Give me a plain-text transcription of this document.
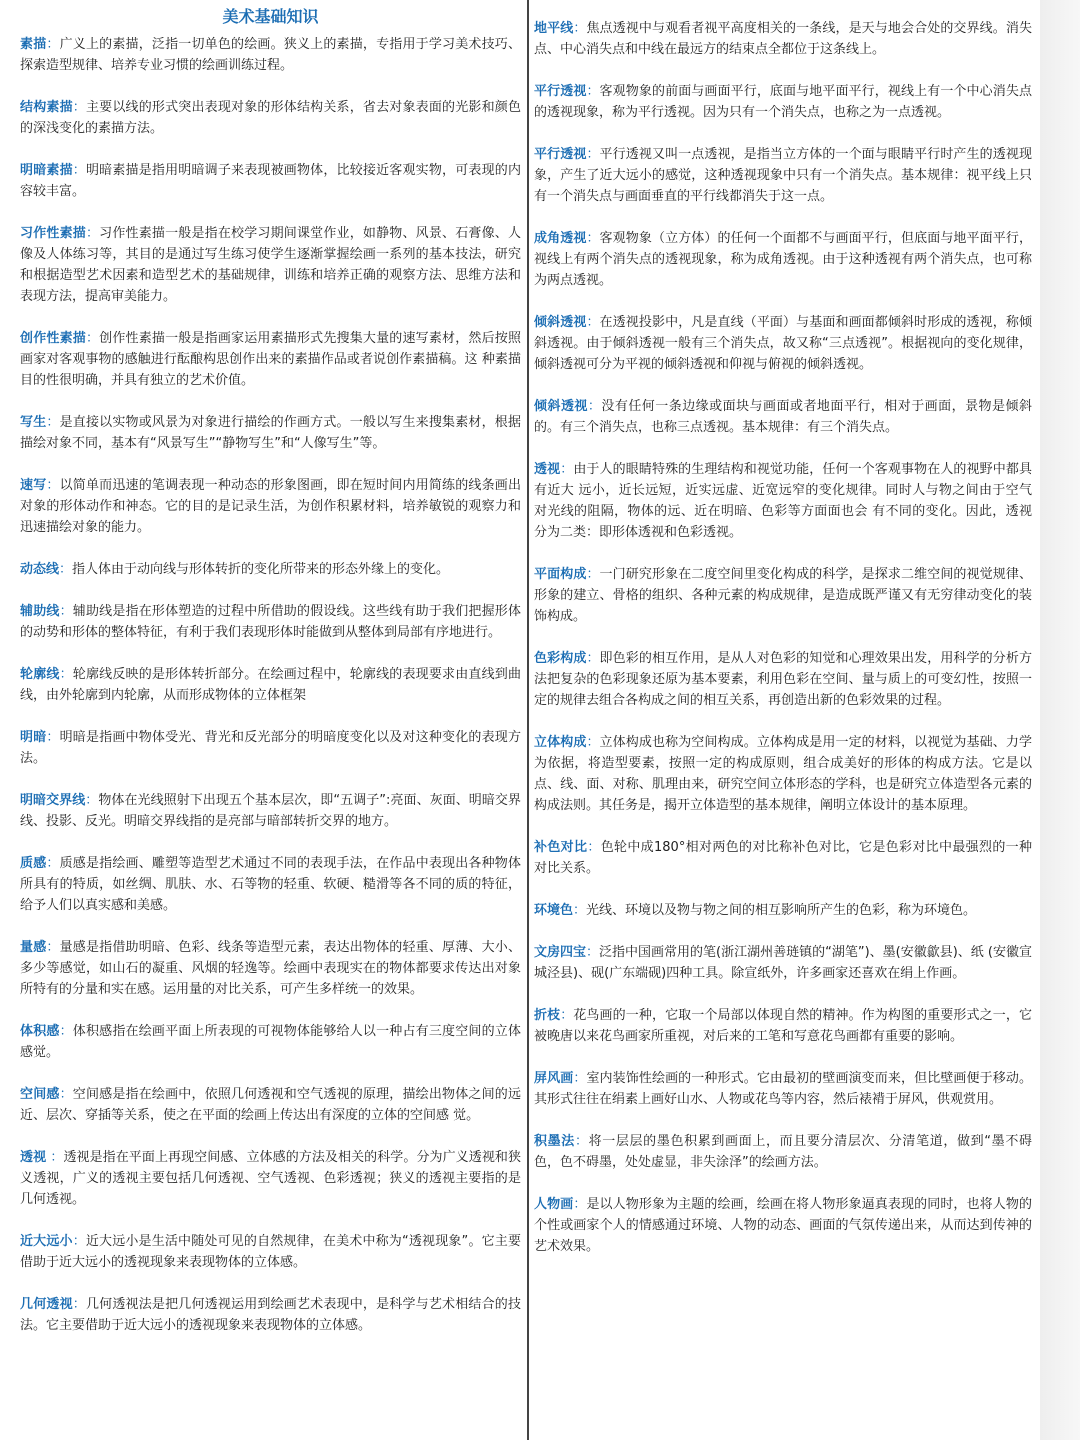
美术基础知识

素描：广义上的素描，泛指一切单色的绘画。狭义上的素描，专指用于学习美术技巧、探索造型规律、培养专业习惯的绘画训练过程。

结构素描：主要以线的形式突出表现对象的形体结构关系，省去对象表面的光影和颜色的深浅变化的素描方法。

明暗素描：明暗素描是指用明暗调子来表现被画物体，比较接近客观实物，可表现的内容较丰富。

习作性素描：习作性素描一般是指在校学习期间课堂作业，如静物、风景、石膏像、人像及人体练习等，其目的是通过写生练习使学生逐渐掌握绘画一系列的基本技法，研究和根据造型艺术因素和造型艺术的基础规律，训练和培养正确的观察方法、思维方法和表现方法，提高审美能力。

创作性素描：创作性素描一般是指画家运用素描形式先搜集大量的速写素材，然后按照画家对客观事物的感触进行酝酿构思创作出来的素描作品或者说创作素描稿。这 种素描目的性很明确，并具有独立的艺术价值。

写生：是直接以实物或风景为对象进行描绘的作画方式。一般以写生来搜集素材，根据描绘对象不同，基本有“风景写生”“静物写生”和“人像写生”等。

速写：以简单而迅速的笔调表现一种动态的形象图画，即在短时间内用简练的线条画出对象的形体动作和神态。它的目的是记录生活，为创作积累材料，培养敏锐的观察力和迅速描绘对象的能力。

动态线：指人体由于动向线与形体转折的变化所带来的形态外缘上的变化。

辅助线：辅助线是指在形体塑造的过程中所借助的假设线。这些线有助于我们把握形体的动势和形体的整体特征，有利于我们表现形体时能做到从整体到局部有序地进行。

轮廓线：轮廓线反映的是形体转折部分。在绘画过程中，轮廓线的表现要求由直线到曲线，由外轮廓到内轮廓，从而形成物体的立体框架

明暗：明暗是指画中物体受光、背光和反光部分的明暗度变化以及对这种变化的表现方法。

明暗交界线：物体在光线照射下出现五个基本层次，即“五调子”:亮面、灰面、明暗交界线、投影、反光。明暗交界线指的是亮部与暗部转折交界的地方。

质感：质感是指绘画、雕塑等造型艺术通过不同的表现手法，在作品中表现出各种物体所具有的特质，如丝绸、肌肤、水、石等物的轻重、软硬、糙滑等各不同的质的特征，给予人们以真实感和美感。

量感：量感是指借助明暗、色彩、线条等造型元素，表达出物体的轻重、厚薄、大小、多少等感觉，如山石的凝重、风烟的轻逸等。绘画中表现实在的物体都要求传达出对象所特有的分量和实在感。运用量的对比关系，可产生多样统一的效果。

体积感：体积感指在绘画平面上所表现的可视物体能够给人以一种占有三度空间的立体感觉。

空间感：空间感是指在绘画中，依照几何透视和空气透视的原理，描绘出物体之间的远近、层次、穿插等关系，使之在平面的绘画上传达出有深度的立体的空间感 觉。

透视 ：透视是指在平面上再现空间感、立体感的方法及相关的科学。分为广义透视和狭义透视，广义的透视主要包括几何透视、空气透视、色彩透视；狭义的透视主要指的是几何透视。

近大远小：近大远小是生活中随处可见的自然规律，在美术中称为“透视现象”。它主要借助于近大远小的透视现象来表现物体的立体感。

几何透视：几何透视法是把几何透视运用到绘画艺术表现中，是科学与艺术相结合的技法。它主要借助于近大远小的透视现象来表现物体的立体感。

地平线：焦点透视中与观看者视平高度相关的一条线，是天与地会合处的交界线。消失点、中心消失点和中线在最远方的结束点全都位于这条线上。

平行透视：客观物象的前面与画面平行，底面与地平面平行，视线上有一个中心消失点的透视现象，称为平行透视。因为只有一个消失点，也称之为一点透视。

平行透视：平行透视又叫一点透视，是指当立方体的一个面与眼睛平行时产生的透视现象，产生了近大远小的感觉，这种透视现象中只有一个消失点。基本规律：视平线上只有一个消失点与画面垂直的平行线都消失于这一点。

成角透视：客观物象（立方体）的任何一个面都不与画面平行，但底面与地平面平行，视线上有两个消失点的透视现象，称为成角透视。由于这种透视有两个消失点，也可称为两点透视。

倾斜透视：在透视投影中，凡是直线（平面）与基面和画面都倾斜时形成的透视，称倾斜透视。由于倾斜透视一般有三个消失点，故又称“三点透视”。根据视向的变化规律，倾斜透视可分为平视的倾斜透视和仰视与俯视的倾斜透视。

倾斜透视：没有任何一条边缘或面块与画面或者地面平行，相对于画面，景物是倾斜的。有三个消失点，也称三点透视。基本规律：有三个消失点。

透视：由于人的眼睛特殊的生理结构和视觉功能，任何一个客观事物在人的视野中都具有近大 远小，近长远短，近实远虚、近宽远窄的变化规律。同时人与物之间由于空气对光线的阻隔，物体的远、近在明暗、色彩等方面面也会 有不同的变化。因此，透视分为二类：即形体透视和色彩透视。

平面构成：一门研究形象在二度空间里变化构成的科学，是探求二维空间的视觉规律、形象的建立、骨格的组织、各种元素的构成规律，是造成既严谨又有无穷律动变化的装饰构成。

色彩构成：即色彩的相互作用，是从人对色彩的知觉和心理效果出发，用科学的分析方法把复杂的色彩现象还原为基本要素，利用色彩在空间、量与质上的可变幻性，按照一定的规律去组合各构成之间的相互关系，再创造出新的色彩效果的过程。

立体构成：立体构成也称为空间构成。立体构成是用一定的材料，以视觉为基础、力学为依据，将造型要素，按照一定的构成原则，组合成美好的形体的构成方法。它是以点、线、面、对称、肌理由来，研究空间立体形态的学科，也是研究立体造型各元素的构成法则。其任务是，揭开立体造型的基本规律，阐明立体设计的基本原理。

补色对比：色轮中成180°相对两色的对比称补色对比，它是色彩对比中最强烈的一种对比关系。

环境色：光线、环境以及物与物之间的相互影响所产生的色彩，称为环境色。

文房四宝：泛指中国画常用的笔(浙江湖州善琏镇的“湖笔”)、墨(安徽歙县)、纸 (安徽宣城泾县)、砚(广东端砚)四种工具。除宣纸外，许多画家还喜欢在绢上作画。

折枝：花鸟画的一种，它取一个局部以体现自然的精神。作为构图的重要形式之一，它被晚唐以来花鸟画家所重视，对后来的工笔和写意花鸟画都有重要的影响。

屏风画：室内装饰性绘画的一种形式。它由最初的壁画演变而来，但比壁画便于移动。其形式往往在绢素上画好山水、人物或花鸟等内容，然后裱褙于屏风，供观赏用。

积墨法：将一层层的墨色积累到画面上，而且要分清层次、分清笔道，做到“墨不碍色，色不碍墨，处处虚显，非失涂泽”的绘画方法。

人物画：是以人物形象为主题的绘画，绘画在将人物形象逼真表现的同时，也将人物的个性或画家个人的情感通过环境、人物的动态、画面的气氛传递出来，从而达到传神的艺术效果。
